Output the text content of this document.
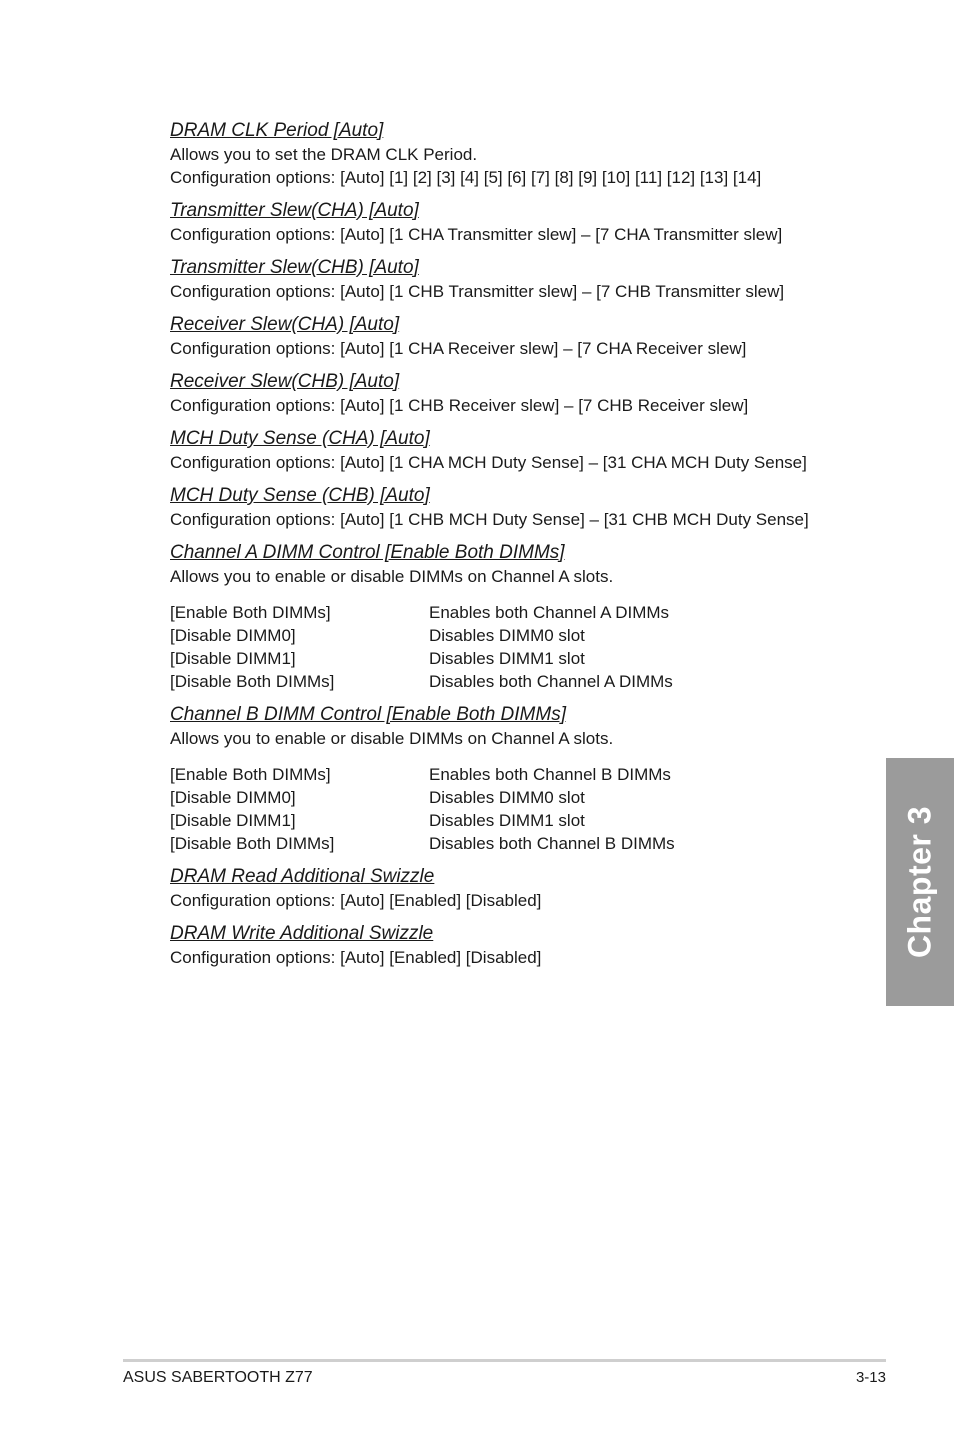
DRAM CLK Period [Auto]

Allows you to set the DRAM CLK Period.

Configuration options: [Auto] [1] [2] [3] [4] [5] [6] [7] [8] [9] [10] [11] [12] [13] [14]

Transmitter Slew(CHA) [Auto]

Configuration options: [Auto] [1 CHA Transmitter slew] – [7 CHA Transmitter slew]

Transmitter Slew(CHB) [Auto]

Configuration options: [Auto] [1 CHB Transmitter slew] – [7 CHB Transmitter slew]

Receiver Slew(CHA) [Auto]

Configuration options: [Auto] [1 CHA Receiver slew] – [7 CHA Receiver slew]

Receiver Slew(CHB) [Auto]

Configuration options: [Auto] [1 CHB Receiver slew] – [7 CHB Receiver slew]

MCH Duty Sense (CHA) [Auto]

Configuration options: [Auto] [1 CHA MCH Duty Sense] – [31 CHA MCH Duty Sense]

MCH Duty Sense (CHB) [Auto]

Configuration options: [Auto] [1 CHB MCH Duty Sense] – [31 CHB MCH Duty Sense]

Channel A DIMM Control [Enable Both DIMMs]

Allows you to enable or disable DIMMs on Channel A slots.

[Enable Both DIMMs]	Enables both Channel A DIMMs
[Disable DIMM0]	Disables DIMM0 slot
[Disable DIMM1]	Disables DIMM1 slot
[Disable Both DIMMs]	Disables both Channel A DIMMs

Channel B DIMM Control [Enable Both DIMMs]

Allows you to enable or disable DIMMs on Channel A slots.

[Enable Both DIMMs]	Enables both Channel B DIMMs
[Disable DIMM0]	Disables DIMM0 slot
[Disable DIMM1]	Disables DIMM1 slot
[Disable Both DIMMs]	Disables both Channel B DIMMs

DRAM Read Additional Swizzle

Configuration options: [Auto] [Enabled] [Disabled]

DRAM Write Additional Swizzle

Configuration options: [Auto] [Enabled] [Disabled]	Chapter 3
ASUS SABERTOOTH Z77	3-13
